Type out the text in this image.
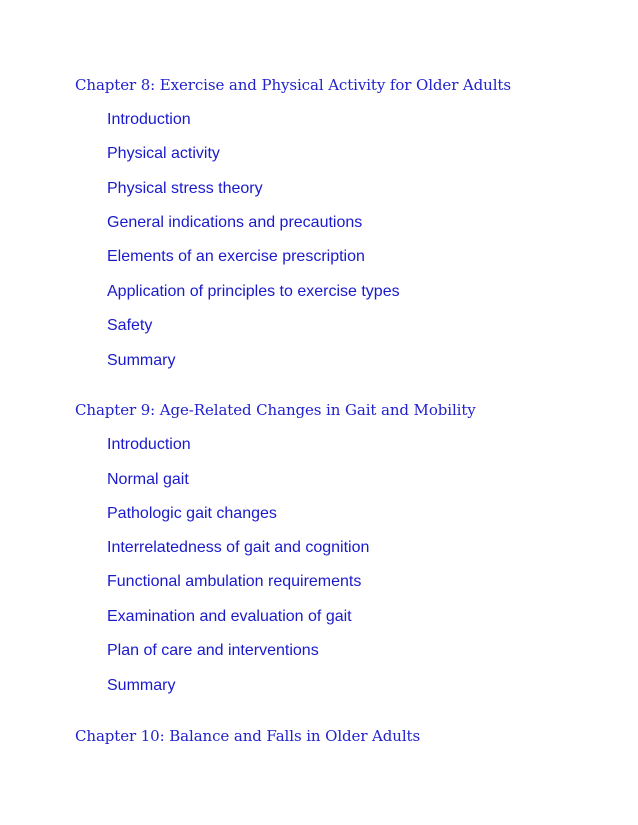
Chapter 8: Exercise and Physical Activity for Older Adults
Introduction
Physical activity
Physical stress theory
General indications and precautions
Elements of an exercise prescription
Application of principles to exercise types
Safety
Summary
Chapter 9: Age-Related Changes in Gait and Mobility
Introduction
Normal gait
Pathologic gait changes
Interrelatedness of gait and cognition
Functional ambulation requirements
Examination and evaluation of gait
Plan of care and interventions
Summary
Chapter 10: Balance and Falls in Older Adults
